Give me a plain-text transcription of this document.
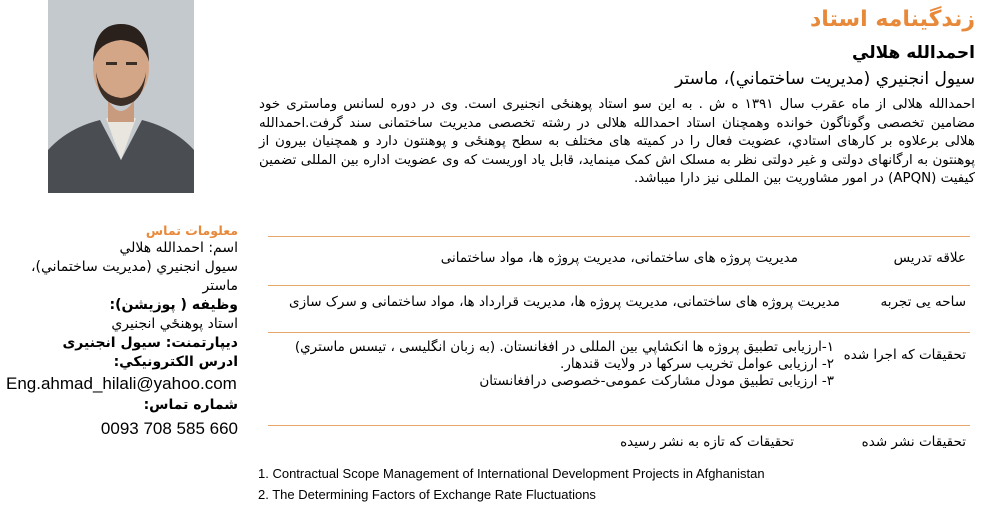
زندگینامه استاد
احمدالله هلالي
سیول انجنیري (مدیریت ساختماني)، ماستر
احمدالله هلالی از ماه عقرب سال ۱۳۹۱ ه ش . به این سو استاد پوهنځی انجنیری است. وی در دوره لسانس وماستری خود مضامین تخصصی وگوناگون خوانده وهمچنان استاد احمدالله هلالی در رشته تخصصی مدیریت ساختمانی سند گرفت.احمدالله هلالی برعلاوه بر کارهای استادي، عضویت فعال را در کمیته های مختلف به سطح پوهنځی و پوهنتون دارد و همچنیان بیرون از پوهنتون به ارگانهای دولتی و غیر دولتی نظر به مسلک اش کمک مینماید، قابل یاد اوریست که وی عضویت اداره بین المللی تضمین کیفیت (APQN) در امور مشاوریت بین المللی نیز دارا میباشد.
علاقه تدریس
مدیریت پروژه های ساختمانی، مدیریت پروژه ها، مواد ساختمانی
ساحه یی تجربه
مدیریت پروژه های ساختمانی، مدیریت پروژه ها، مدیریت قرارداد ها، مواد ساختمانی و سرک سازی
تحقیقات که اجرا شده
۱-ارزیابی تطبیق پروژه ها انکشاپي بین المللی در افغانستان. (به زبان انگلیسی ، تیسس ماستري)
۲- ارزیابی عوامل تخریب سرکها در ولایت قندهار.
۳- ارزیابی تطبیق مودل مشارکت عمومی-خصوصی درافغانستان
تحقیقات نشر شده
تحقیقات که تازه به نشر رسیده
1. Contractual Scope Management of International Development Projects in Afghanistan
2. The Determining Factors of Exchange Rate Fluctuations
معلومات تماس
اسم: احمدالله هلالي
سیول انجنیري (مدیریت ساختماني)، ماستر
وظیفه ( پوزیشن):
استاد پوهنځي انجنیري
دیپارتمنت: سیول انجنیری
ادرس الکترونیکي:
Eng.ahmad_hilali@yahoo.com
شماره تماس:
0093 708 585 660
